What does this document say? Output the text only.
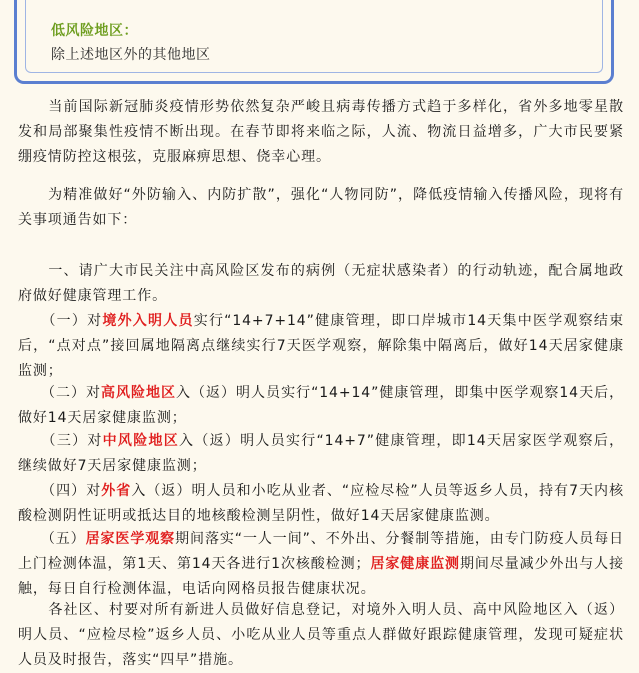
低风险地区：
除上述地区外的其他地区

　　当前国际新冠肺炎疫情形势依然复杂严峻且病毒传播方式趋于多样化，省外多地零星散发和局部聚集性疫情不断出现。在春节即将来临之际，人流、物流日益增多，广大市民要紧绷疫情防控这根弦，克服麻痹思想、侥幸心理。

　　为精准做好“外防输入、内防扩散”，强化“人物同防”，降低疫情输入传播风险，现将有关事项通告如下：

　　一、请广大市民关注中高风险区发布的病例（无症状感染者）的行动轨迹，配合属地政府做好健康管理工作。

　　（一）对境外入明人员实行“14+7+14”健康管理，即口岸城市14天集中医学观察结束后，“点对点”接回属地隔离点继续实行7天医学观察，解除集中隔离后，做好14天居家健康监测；

　　（二）对高风险地区入（返）明人员实行“14+14”健康管理，即集中医学观察14天后，做好14天居家健康监测；

　　（三）对中风险地区入（返）明人员实行“14+7”健康管理，即14天居家医学观察后，继续做好7天居家健康监测；

　　（四）对外省入（返）明人员和小吃从业者、“应检尽检”人员等返乡人员，持有7天内核酸检测阴性证明或抵达目的地核酸检测呈阴性，做好14天居家健康监测。

　　（五）居家医学观察期间落实“一人一间”、不外出、分餐制等措施，由专门防疫人员每日上门检测体温，第1天、第14天各进行1次核酸检测；居家健康监测期间尽量减少外出与人接触，每日自行检测体温，电话向网格员报告健康状况。

　　各社区、村要对所有新进人员做好信息登记，对境外入明人员、高中风险地区入（返）明人员、“应检尽检”返乡人员、小吃从业人员等重点人群做好跟踪健康管理，发现可疑症状人员及时报告，落实“四早”措施。
